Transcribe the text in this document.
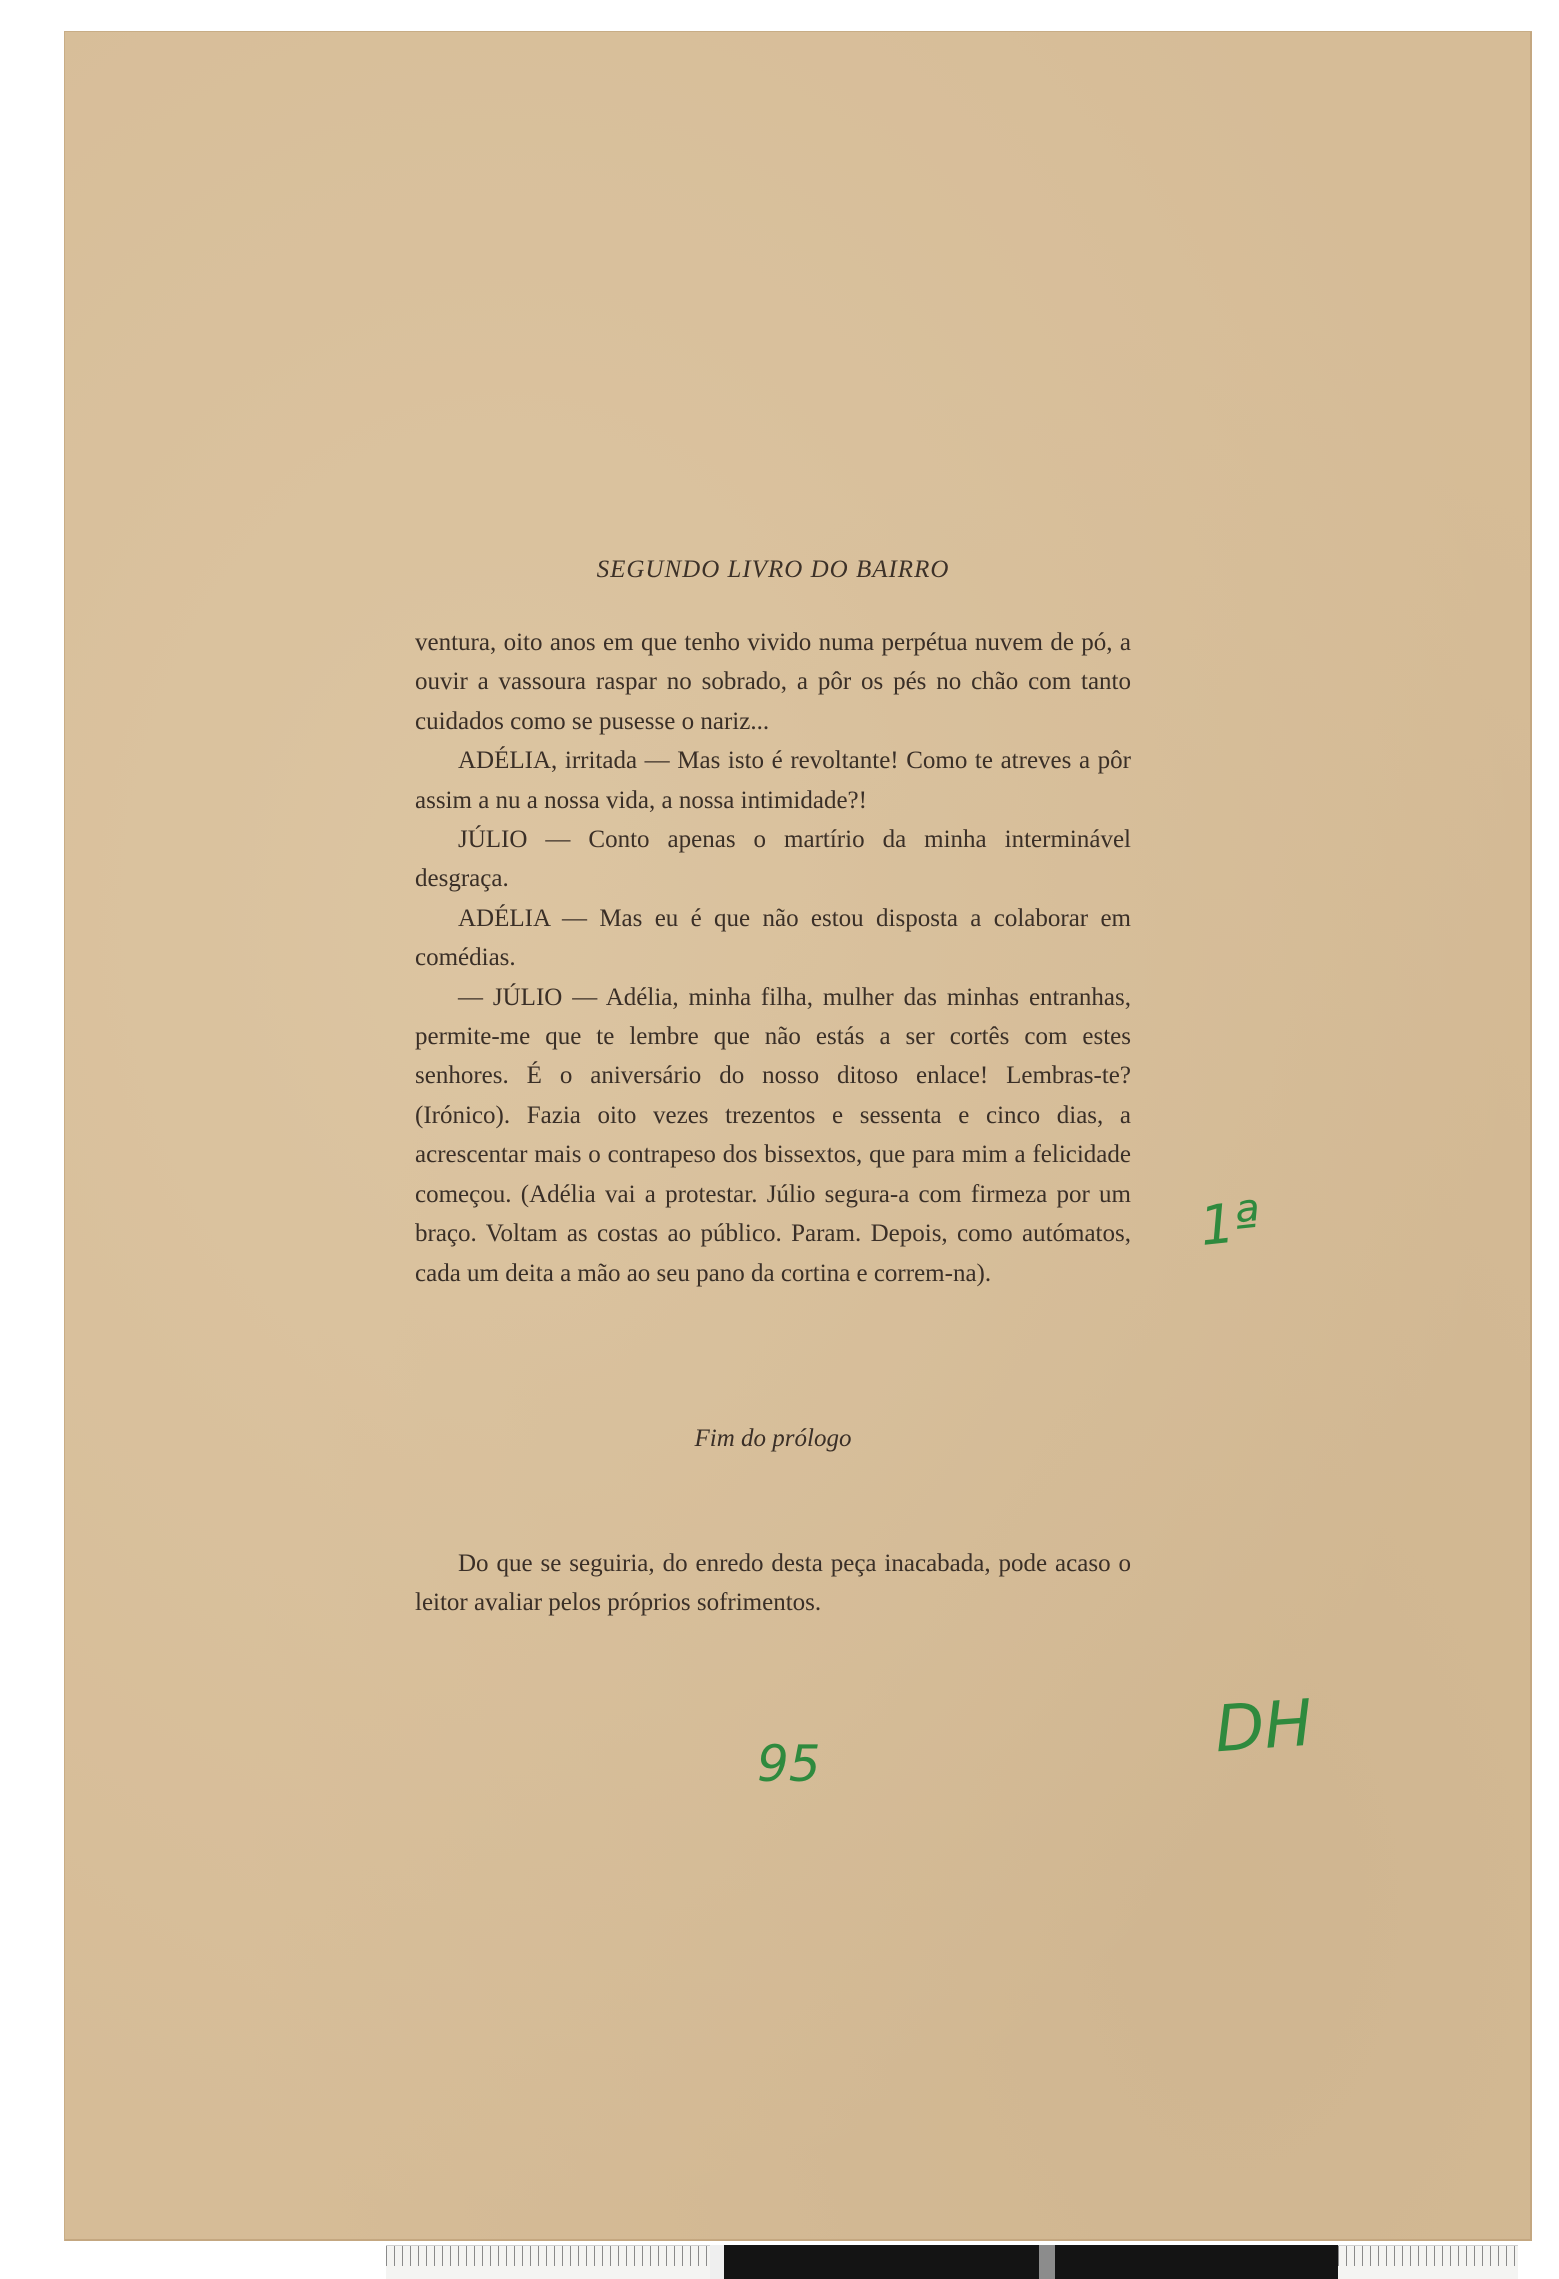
SEGUNDO LIVRO DO BAIRRO

ventura, oito anos em que tenho vivido numa perpétua nuvem de pó, a ouvir a vassoura raspar no sobrado, a pôr os pés no chão com tanto cuidados como se pusesse o nariz...

ADÉLIA, irritada — Mas isto é revoltante! Como te atreves a pôr assim a nu a nossa vida, a nossa intimidade?!

JÚLIO — Conto apenas o martírio da minha interminável desgraça.

ADÉLIA — Mas eu é que não estou disposta a colaborar em comédias.

— JÚLIO — Adélia, minha filha, mulher das minhas entranhas, permite-me que te lembre que não estás a ser cortês com estes senhores. É o aniversário do nosso ditoso enlace! Lembras-te? (Irónico). Fazia oito vezes trezentos e sessenta e cinco dias, a acrescentar mais o contrapeso dos bissextos, que para mim a felicidade começou. (Adélia vai a protestar. Júlio segura-a com firmeza por um braço. Voltam as costas ao público. Param. Depois, como autómatos, cada um deita a mão ao seu pano da cortina e correm-na).

Fim do prólogo

Do que se seguiria, do enredo desta peça inacabada, pode acaso o leitor avaliar pelos próprios sofrimentos.

1ª
95	DH
